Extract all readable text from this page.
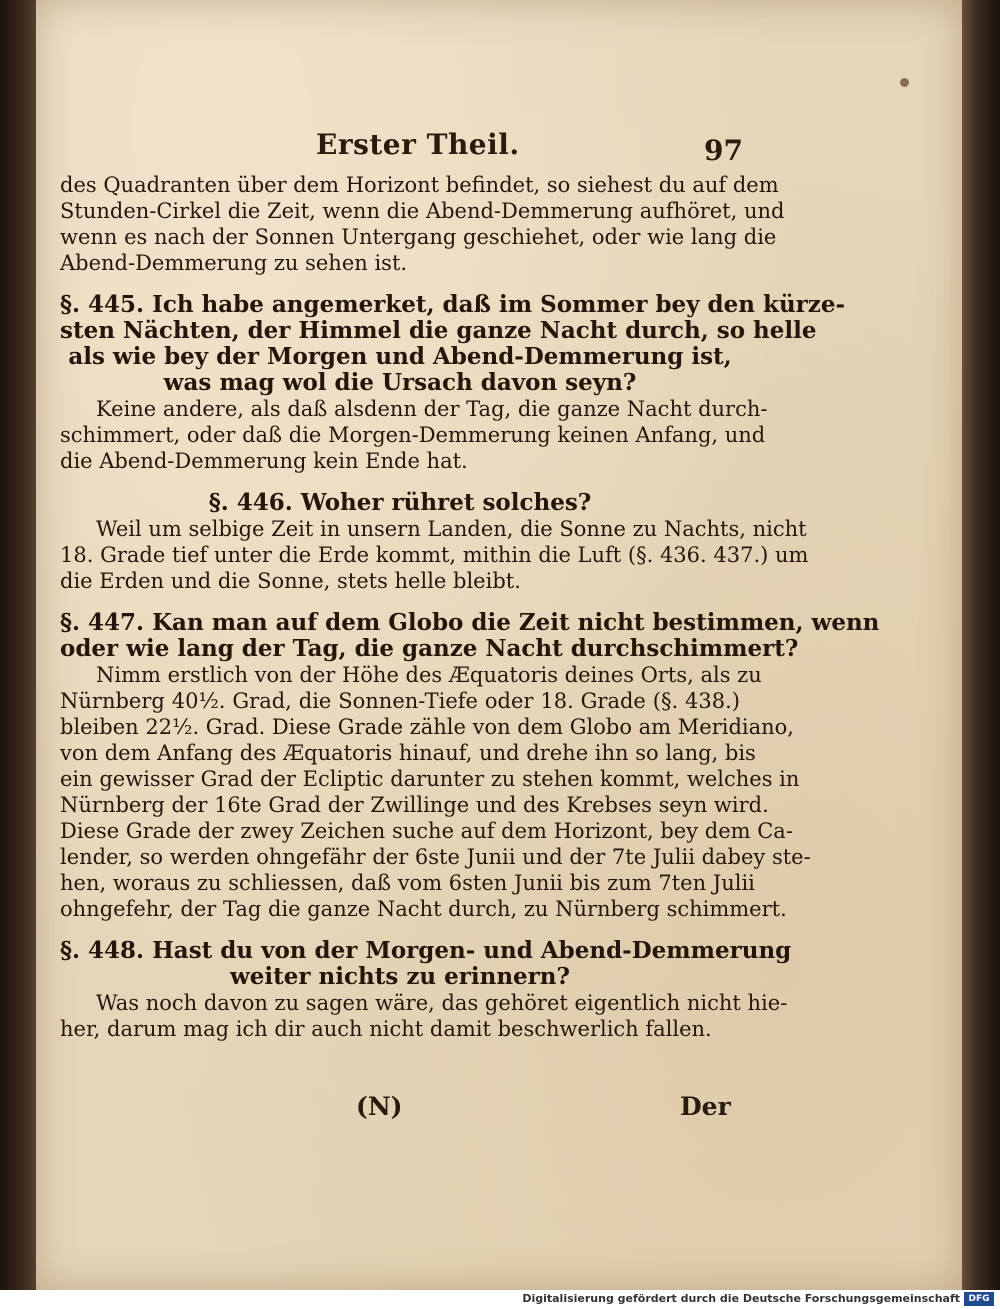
Erster Theil.	97
des Quadranten über dem Horizont befindet, so siehest du auf dem
Stunden-Cirkel die Zeit, wenn die Abend-Demmerung aufhöret, und
wenn es nach der Sonnen Untergang geschiehet, oder wie lang die
Abend-Demmerung zu sehen ist.
§. 445. Ich habe angemerket, daß im Sommer bey den kürze-
sten Nächten, der Himmel die ganze Nacht durch, so helle
als wie bey der Morgen und Abend-Demmerung ist,
was mag wol die Ursach davon seyn?
Keine andere, als daß alsdenn der Tag, die ganze Nacht durch-
schimmert, oder daß die Morgen-Demmerung keinen Anfang, und
die Abend-Demmerung kein Ende hat.
§. 446. Woher rühret solches?
Weil um selbige Zeit in unsern Landen, die Sonne zu Nachts, nicht
18. Grade tief unter die Erde kommt, mithin die Luft (§. 436. 437.) um
die Erden und die Sonne, stets helle bleibt.
§. 447. Kan man auf dem Globo die Zeit nicht bestimmen, wenn
oder wie lang der Tag, die ganze Nacht durchschimmert?
Nimm erstlich von der Höhe des Æquatoris deines Orts, als zu
Nürnberg 40½. Grad, die Sonnen-Tiefe oder 18. Grade (§. 438.)
bleiben 22½. Grad. Diese Grade zähle von dem Globo am Meridiano,
von dem Anfang des Æquatoris hinauf, und drehe ihn so lang, bis
ein gewisser Grad der Ecliptic darunter zu stehen kommt, welches in
Nürnberg der 16te Grad der Zwillinge und des Krebses seyn wird.
Diese Grade der zwey Zeichen suche auf dem Horizont, bey dem Ca-
lender, so werden ohngefähr der 6ste Junii und der 7te Julii dabey ste-
hen, woraus zu schliessen, daß vom 6sten Junii bis zum 7ten Julii
ohngefehr, der Tag die ganze Nacht durch, zu Nürnberg schimmert.
§. 448. Hast du von der Morgen- und Abend-Demmerung
weiter nichts zu erinnern?
Was noch davon zu sagen wäre, das gehöret eigentlich nicht hie-
her, darum mag ich dir auch nicht damit beschwerlich fallen.
(N)	Der
Digitalisierung gefördert durch die Deutsche Forschungsgemeinschaft DFG
